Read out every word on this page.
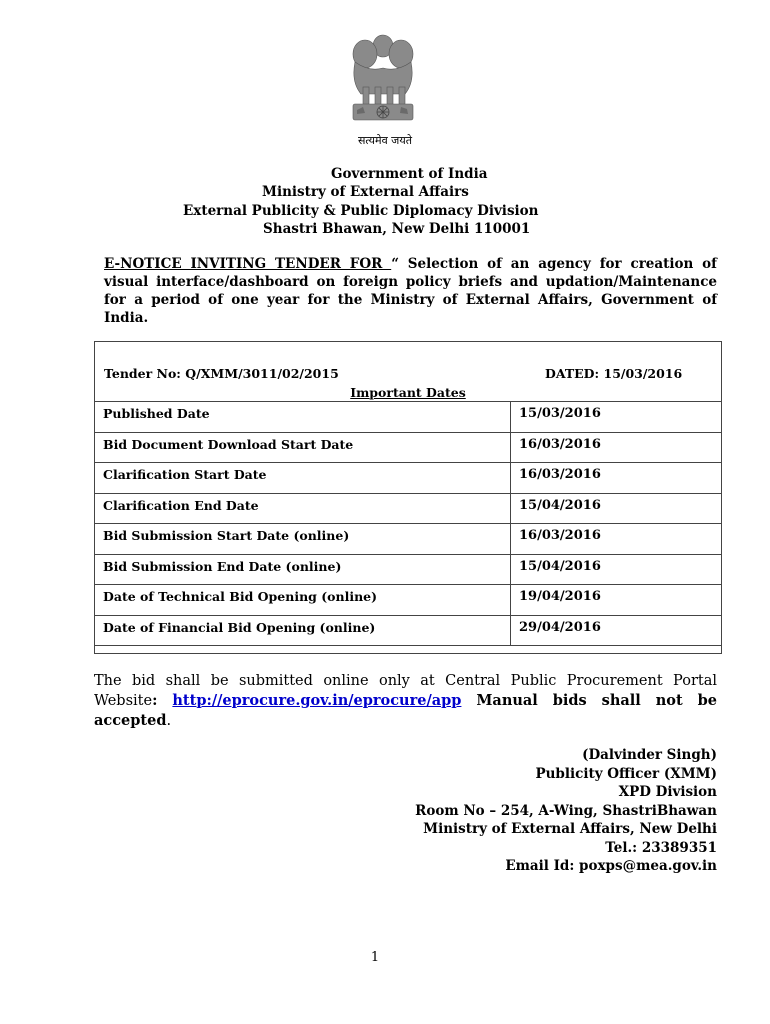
सत्यमेव जयते
Government of India
Ministry of External Affairs
External Publicity & Public Diplomacy Division
Shastri Bhawan, New Delhi 110001
E-NOTICE INVITING TENDER FOR “ Selection of an agency for creation of visual interface/dashboard on foreign policy briefs and updation/Maintenance for a period of one year for the Ministry of External Affairs, Government of India.
Tender No: Q/XMM/3011/02/2015	DATED: 15/03/2016
Important Dates
Published Date	15/03/2016
Bid Document Download Start Date	16/03/2016
Clarification Start Date	16/03/2016
Clarification End Date	15/04/2016
Bid Submission Start Date (online)	16/03/2016
Bid Submission End Date (online)	15/04/2016
Date of Technical Bid Opening (online)	19/04/2016
Date of Financial Bid Opening (online)	29/04/2016
The bid shall be submitted online only at Central Public Procurement Portal Website: http://eprocure.gov.in/eprocure/app Manual bids shall not be accepted.
(Dalvinder Singh)
Publicity Officer (XMM)
XPD Division
Room No – 254, A-Wing, ShastriBhawan
Ministry of External Affairs, New Delhi
Tel.: 23389351
Email Id: poxps@mea.gov.in
1
